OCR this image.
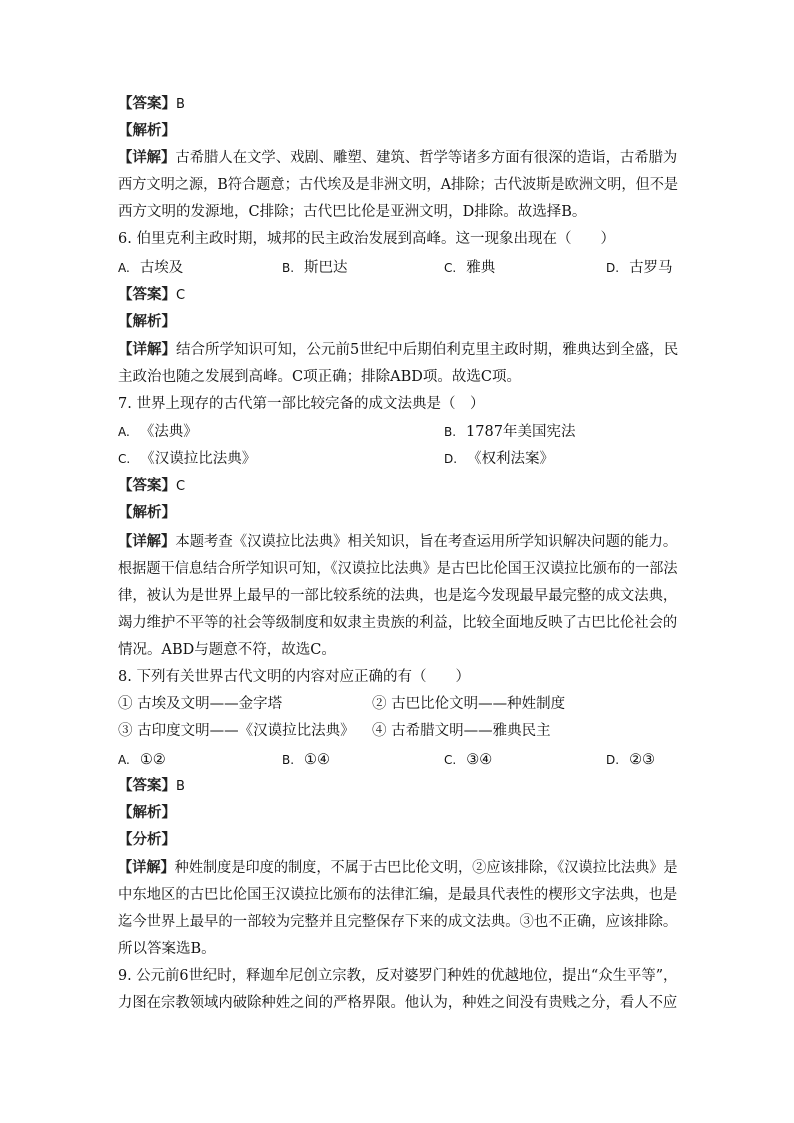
【答案】B
【解析】
【详解】古希腊人在文学、戏剧、雕塑、建筑、哲学等诸多方面有很深的造诣，古希腊为
西方文明之源，B符合题意；古代埃及是非洲文明，A排除；古代波斯是欧洲文明，但不是
西方文明的发源地，C排除；古代巴比伦是亚洲文明，D排除。故选择B。
6. 伯里克利主政时期，城邦的民主政治发展到高峰。这一现象出现在（　　）
A. 古埃及	B. 斯巴达	C. 雅典	D. 古罗马
【答案】C
【解析】
【详解】结合所学知识可知，公元前5世纪中后期伯利克里主政时期，雅典达到全盛，民
主政治也随之发展到高峰。C项正确；排除ABD项。故选C项。
7. 世界上现存的古代第一部比较完备的成文法典是（　）
A. 《法典》	B. 1787年美国宪法
C. 《汉谟拉比法典》	D. 《权利法案》
【答案】C
【解析】
【详解】本题考查《汉谟拉比法典》相关知识，旨在考查运用所学知识解决问题的能力。
根据题干信息结合所学知识可知，《汉谟拉比法典》是古巴比伦国王汉谟拉比颁布的一部法
律，被认为是世界上最早的一部比较系统的法典，也是迄今发现最早最完整的成文法典，
竭力维护不平等的社会等级制度和奴隶主贵族的利益，比较全面地反映了古巴比伦社会的
情况。ABD与题意不符，故选C。
8. 下列有关世界古代文明的内容对应正确的有（　　）
① 古埃及文明——金字塔	② 古巴比伦文明——种姓制度
③ 古印度文明——《汉谟拉比法典》 ④ 古希腊文明——雅典民主
A. ①②	B. ①④	C. ③④	D. ②③
【答案】B
【解析】
【分析】
【详解】种姓制度是印度的制度，不属于古巴比伦文明，②应该排除，《汉谟拉比法典》是
中东地区的古巴比伦国王汉谟拉比颁布的法律汇编，是最具代表性的楔形文字法典，也是
迄今世界上最早的一部较为完整并且完整保存下来的成文法典。③也不正确，应该排除。
所以答案选B。
9. 公元前6世纪时，释迦牟尼创立宗教，反对婆罗门种姓的优越地位，提出“众生平等”，
力图在宗教领域内破除种姓之间的严格界限。他认为，种姓之间没有贵贱之分，看人不应
